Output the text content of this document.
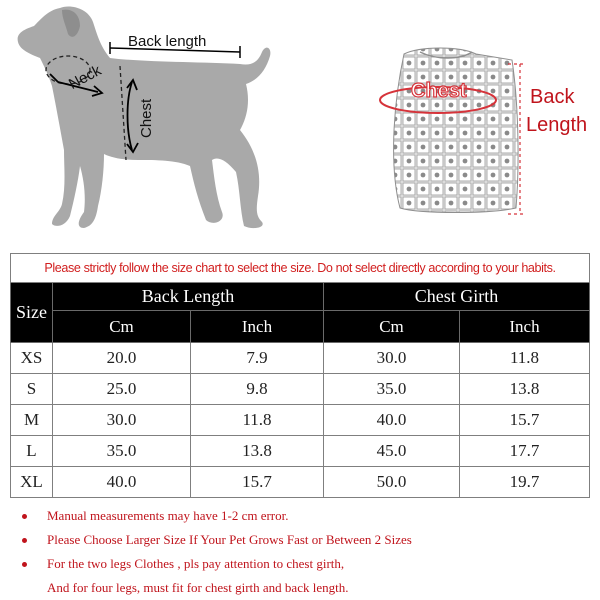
Back length
Neck
Chest
Chest	Back
Length
Please strictly follow the size chart to select the size. Do not select directly according to your habits.				
Size	Back Length		Chest Girth	
	Cm	Inch	Cm	Inch
XS	20.0	7.9	30.0	11.8
S	25.0	9.8	35.0	13.8
M	30.0	11.8	40.0	15.7
L	35.0	13.8	45.0	17.7
XL	40.0	15.7	50.0	19.7
Manual measurements may have 1-2 cm error.
Please Choose Larger Size If Your Pet Grows Fast or Between 2 Sizes
For the two legs Clothes , pls pay attention to chest girth,
And for four legs, must fit for chest girth and back length.
